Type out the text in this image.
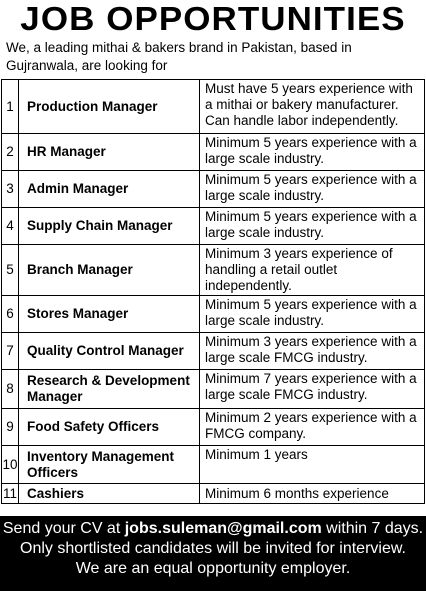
JOB OPPORTUNITIES
We, a leading mithai & bakers brand in Pakistan, based in Gujranwala, are looking for
1	Production Manager	Must have 5 years experience with a mithai or bakery manufacturer. Can handle labor independently.
2	HR Manager	Minimum 5 years experience with a large scale industry.
3	Admin Manager	Minimum 5 years experience with a large scale industry.
4	Supply Chain Manager	Minimum 5 years experience with a large scale industry.
5	Branch Manager	Minimum 3 years experience of handling a retail outlet independently.
6	Stores Manager	Minimum 5 years experience with a large scale industry.
7	Quality Control Manager	Minimum 3 years experience with a large scale FMCG industry.
8	Research & Development Manager	Minimum 7 years experience with a large scale FMCG industry.
9	Food Safety Officers	Minimum 2 years experience with a FMCG company.
10	Inventory Management Officers	Minimum 1 years
11	Cashiers	Minimum 6 months experience
Send your CV at jobs.suleman@gmail.com within 7 days.
Only shortlisted candidates will be invited for interview.
We are an equal opportunity employer.
